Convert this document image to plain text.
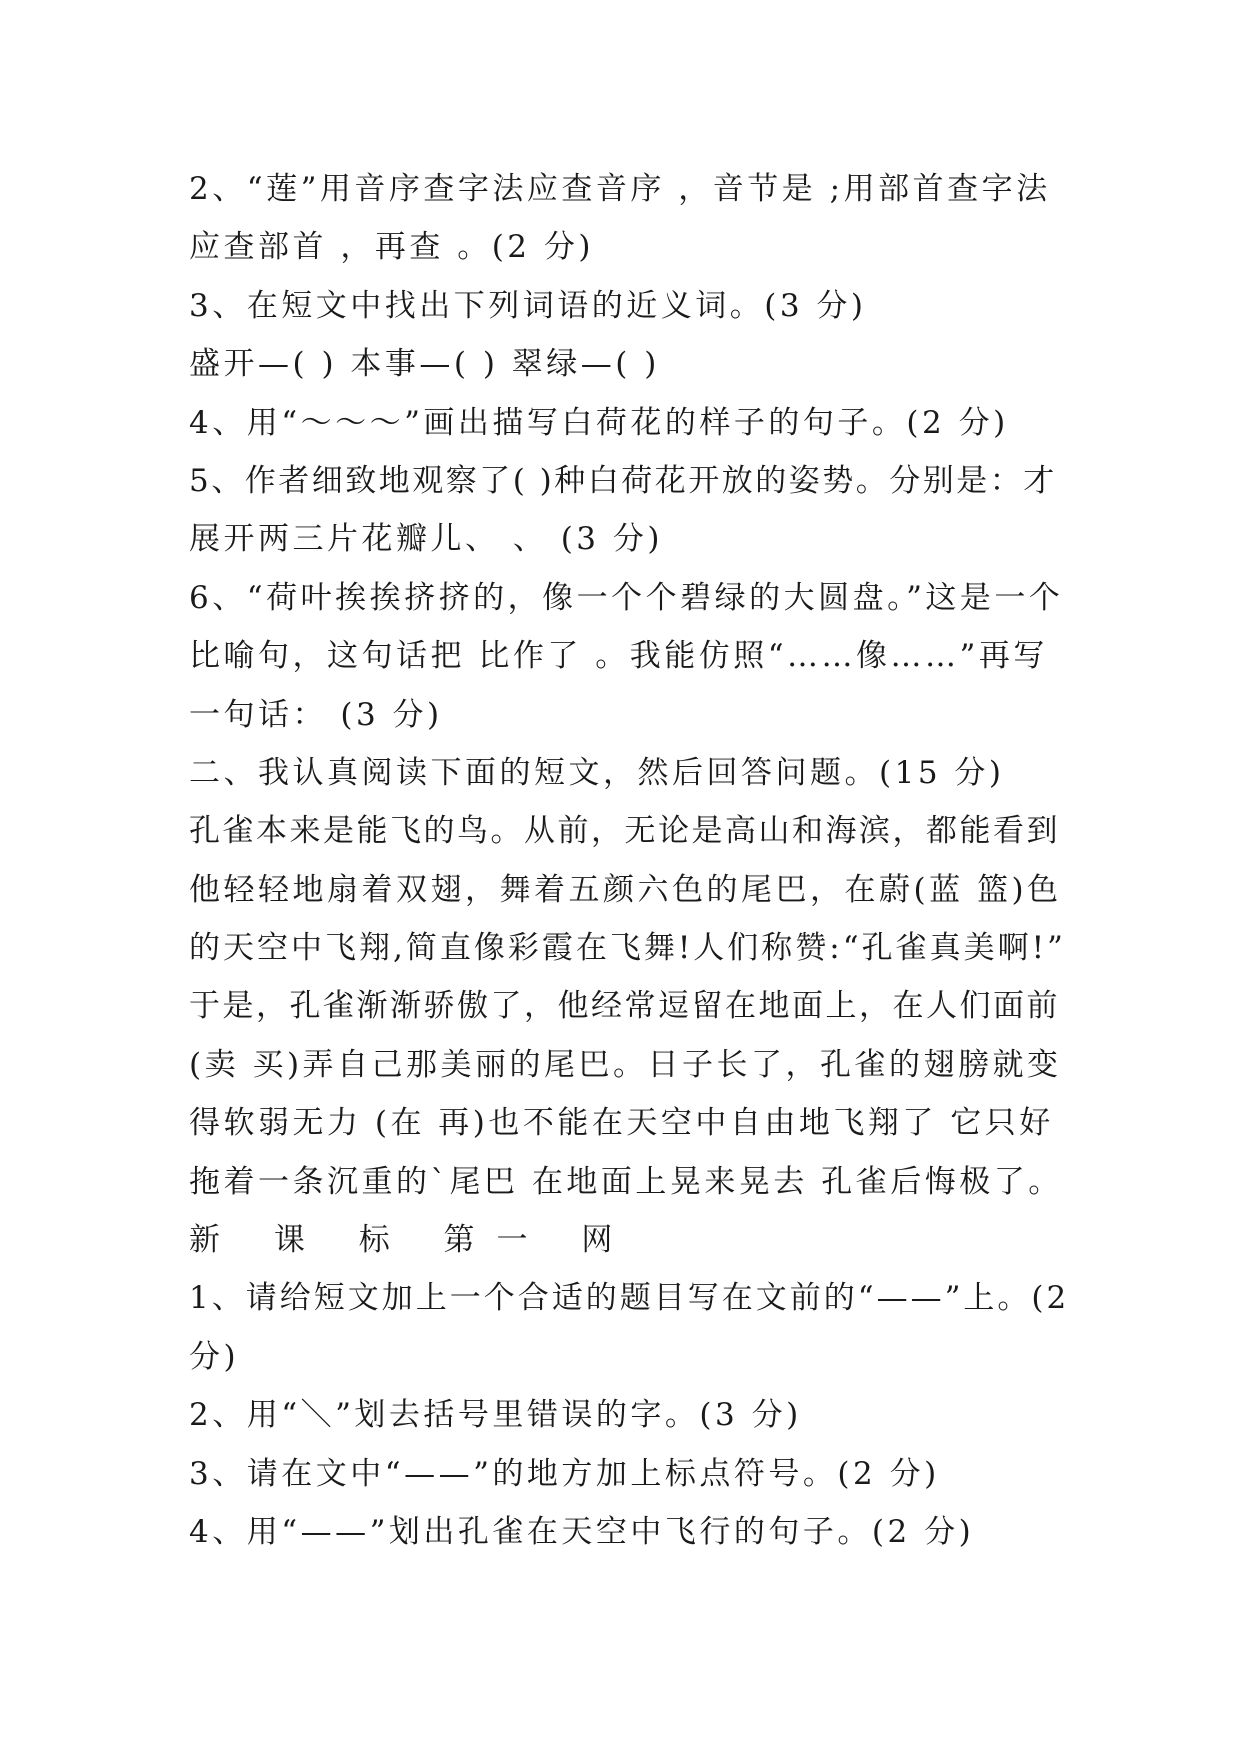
2、“莲”用音序查字法应查音序 ，音节是 ;用部首查字法
应查部首 ，再查 。(2 分)
3、在短文中找出下列词语的近义词。(3 分)
盛开—( ) 本事—( ) 翠绿—( )
4、用“～～～”画出描写白荷花的样子的句子。(2 分)
5、作者细致地观察了( )种白荷花开放的姿势。分别是：才
展开两三片花瓣儿、 、 (3 分)
6、“荷叶挨挨挤挤的，像一个个碧绿的大圆盘。”这是一个
比喻句，这句话把 比作了 。我能仿照“……像……”再写
一句话： (3 分)
二、我认真阅读下面的短文，然后回答问题。(15 分)
孔雀本来是能飞的鸟。从前，无论是高山和海滨，都能看到
他轻轻地扇着双翅，舞着五颜六色的尾巴，在蔚(蓝 篮)色
的天空中飞翔,简直像彩霞在飞舞!人们称赞:“孔雀真美啊!”
于是，孔雀渐渐骄傲了，他经常逗留在地面上，在人们面前
(卖 买)弄自己那美丽的尾巴。日子长了，孔雀的翅膀就变
得软弱无力 (在 再)也不能在天空中自由地飞翔了 它只好
拖着一条沉重的`尾巴 在地面上晃来晃去 孔雀后悔极了。
新 课 标 第一 网
1、请给短文加上一个合适的题目写在文前的“——”上。(2
分)
2、用“＼”划去括号里错误的字。(3 分)
3、请在文中“——”的地方加上标点符号。(2 分)
4、用“——”划出孔雀在天空中飞行的句子。(2 分)
